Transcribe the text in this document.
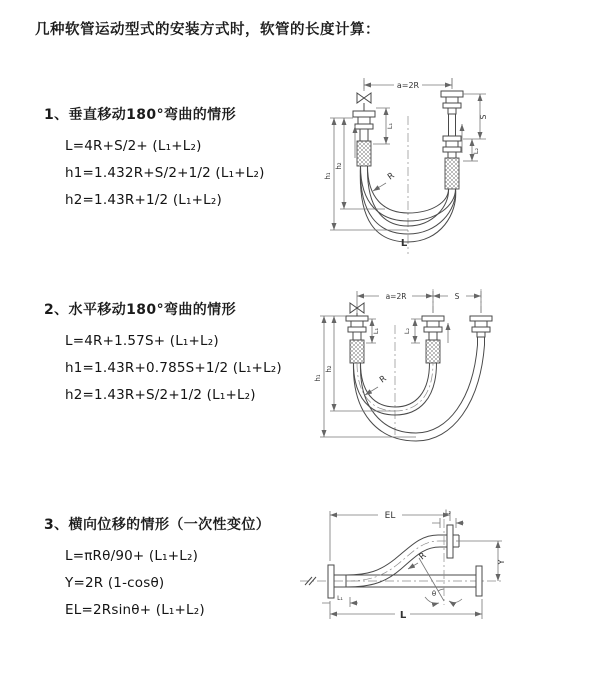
几种软管运动型式的安装方式时，软管的长度计算：
1、垂直移动180°弯曲的情形
L=4R+S/2+ (L₁+L₂)
h1=1.432R+S/2+1/2 (L₁+L₂)
h2=1.43R+1/2 (L₁+L₂)
2、水平移动180°弯曲的情形
L=4R+1.57S+ (L₁+L₂)
h1=1.43R+0.785S+1/2 (L₁+L₂)
h2=1.43R+S/2+1/2 (L₁+L₂)
3、横向位移的情形（一次性变位）
L=πRθ/90+ (L₁+L₂)
Y=2R (1-cosθ)
EL=2Rsinθ+ (L₁+L₂)
a=2R
h₁
h₂
L₁
S
L₂
R
L
a=2R	S
h₁
h₂
L₁	L₂
R
EL	L₂
Y
L
L₁
R
θ
